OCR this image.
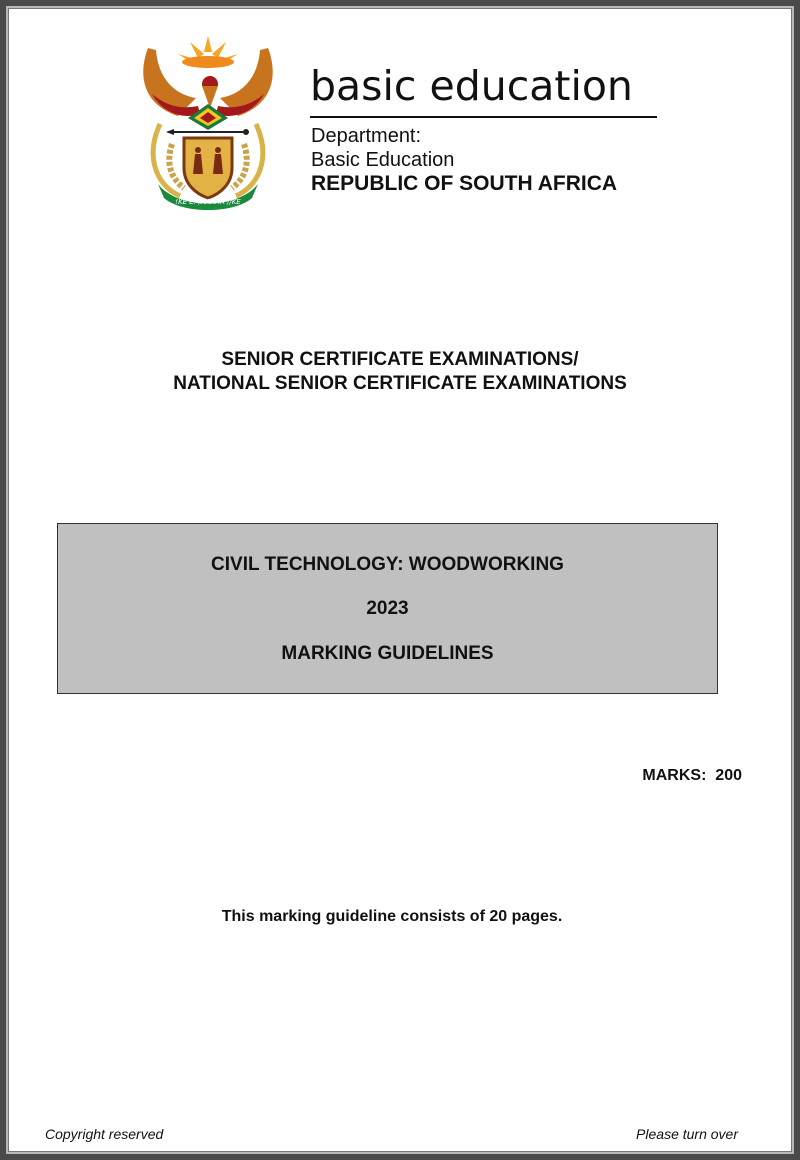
!KE E: /XARRA //KE
basic education
Department:
Basic Education
REPUBLIC OF SOUTH AFRICA
SENIOR CERTIFICATE EXAMINATIONS/
NATIONAL SENIOR CERTIFICATE EXAMINATIONS
CIVIL TECHNOLOGY: WOODWORKING
2023
MARKING GUIDELINES
MARKS:  200
This marking guideline consists of 20 pages.
Copyright reserved	Please turn over
